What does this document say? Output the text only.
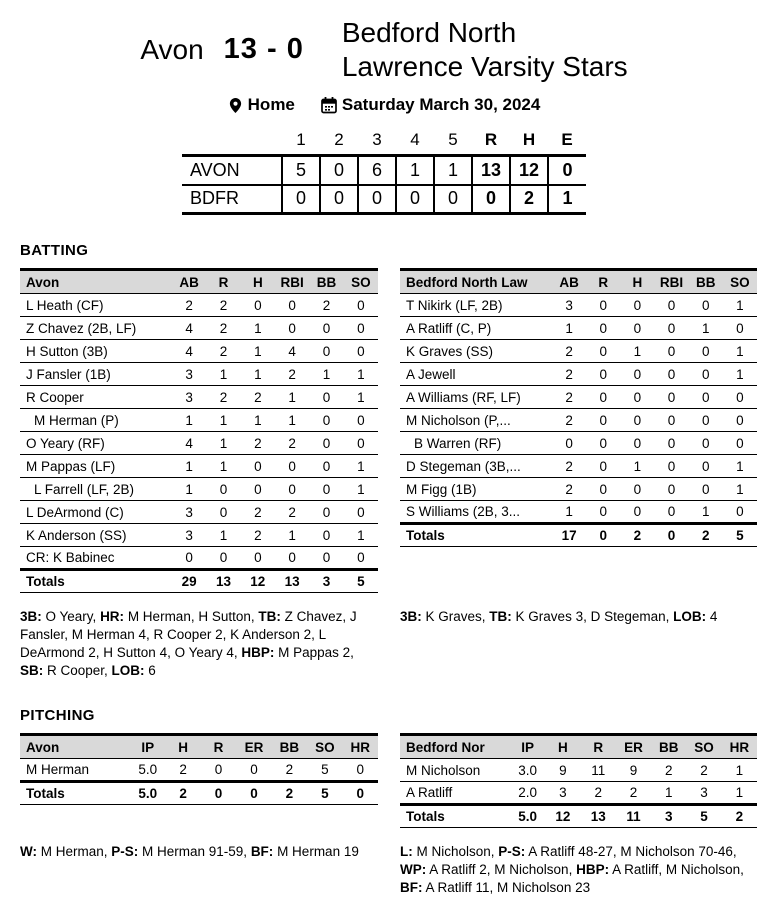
Avon 13 - 0
Bedford North
Lawrence Varsity Stars
Home	Saturday March 30, 2024
	1	2	3	4	5	R	H	E
AVON	5	0	6	1	1	13	12	0
BDFR	0	0	0	0	0	0	2	1
BATTING
Avon	AB	R	H	RBI	BB	SO
L Heath (CF)	2	2	0	0	2	0
Z Chavez (2B, LF)	4	2	1	0	0	0
H Sutton (3B)	4	2	1	4	0	0
J Fansler (1B)	3	1	1	2	1	1
R Cooper	3	2	2	1	0	1
M Herman (P)	1	1	1	1	0	0
O Yeary (RF)	4	1	2	2	0	0
M Pappas (LF)	1	1	0	0	0	1
L Farrell (LF, 2B)	1	0	0	0	0	1
L DeArmond (C)	3	0	2	2	0	0
K Anderson (SS)	3	1	2	1	0	1
CR: K Babinec	0	0	0	0	0	0
Totals	29	13	12	13	3	5
Bedford North Law	AB	R	H	RBI	BB	SO
T Nikirk (LF, 2B)	3	0	0	0	0	1
A Ratliff (C, P)	1	0	0	0	1	0
K Graves (SS)	2	0	1	0	0	1
A Jewell	2	0	0	0	0	1
A Williams (RF, LF)	2	0	0	0	0	0
M Nicholson (P,...	2	0	0	0	0	0
B Warren (RF)	0	0	0	0	0	0
D Stegeman (3B,...	2	0	1	0	0	1
M Figg (1B)	2	0	0	0	0	1
S Williams (2B, 3...	1	0	0	0	1	0
Totals	17	0	2	0	2	5

3B: O Yeary, HR: M Herman, H Sutton, TB: Z Chavez, J Fansler, M Herman 4, R Cooper 2, K Anderson 2, L DeArmond 2, H Sutton 4, O Yeary 4, HBP: M Pappas 2, SB: R Cooper, LOB: 6

3B: K Graves, TB: K Graves 3, D Stegeman, LOB: 4

PITCHING
Avon	IP	H	R	ER	BB	SO	HR
M Herman	5.0	2	0	0	2	5	0
Totals	5.0	2	0	0	2	5	0
Bedford Nor	IP	H	R	ER	BB	SO	HR
M Nicholson	3.0	9	11	9	2	2	1
A Ratliff	2.0	3	2	2	1	3	1
Totals	5.0	12	13	11	3	5	2

W: M Herman, P-S: M Herman 91-59, BF: M Herman 19	L: M Nicholson, P-S: A Ratliff 48-27, M Nicholson 70-46, WP: A Ratliff 2, M Nicholson, HBP: A Ratliff, M Nicholson, BF: A Ratliff 11, M Nicholson 23
